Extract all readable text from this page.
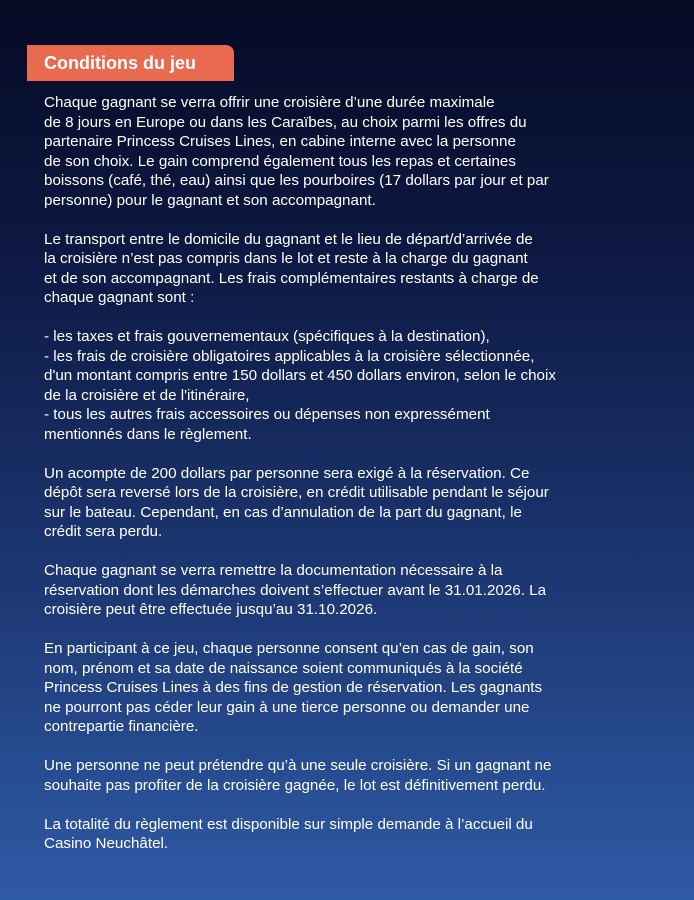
Conditions du jeu

Chaque gagnant se verra offrir une croisière d’une durée maximale
de 8 jours en Europe ou dans les Caraïbes, au choix parmi les offres du
partenaire Princess Cruises Lines, en cabine interne avec la personne
de son choix. Le gain comprend également tous les repas et certaines
boissons (café, thé, eau) ainsi que les pourboires (17 dollars par jour et par
personne) pour le gagnant et son accompagnant.

Le transport entre le domicile du gagnant et le lieu de départ/d’arrivée de
la croisière n’est pas compris dans le lot et reste à la charge du gagnant
et de son accompagnant. Les frais complémentaires restants à charge de
chaque gagnant sont :

- les taxes et frais gouvernementaux (spécifiques à la destination),
- les frais de croisière obligatoires applicables à la croisière sélectionnée,
d'un montant compris entre 150 dollars et 450 dollars environ, selon le choix
de la croisière et de l'itinéraire,
- tous les autres frais accessoires ou dépenses non expressément
mentionnés dans le règlement.

Un acompte de 200 dollars par personne sera exigé à la réservation. Ce
dépôt sera reversé lors de la croisière, en crédit utilisable pendant le séjour
sur le bateau. Cependant, en cas d’annulation de la part du gagnant, le
crédit sera perdu.

Chaque gagnant se verra remettre la documentation nécessaire à la
réservation dont les démarches doivent s’effectuer avant le 31.01.2026. La
croisière peut être effectuée jusqu’au 31.10.2026.

En participant à ce jeu, chaque personne consent qu’en cas de gain, son
nom, prénom et sa date de naissance soient communiqués à la société
Princess Cruises Lines à des fins de gestion de réservation. Les gagnants
ne pourront pas céder leur gain à une tierce personne ou demander une
contrepartie financière.

Une personne ne peut prétendre qu’à une seule croisière. Si un gagnant ne
souhaite pas profiter de la croisière gagnée, le lot est définitivement perdu.

La totalité du règlement est disponible sur simple demande à l’accueil du
Casino Neuchâtel.
